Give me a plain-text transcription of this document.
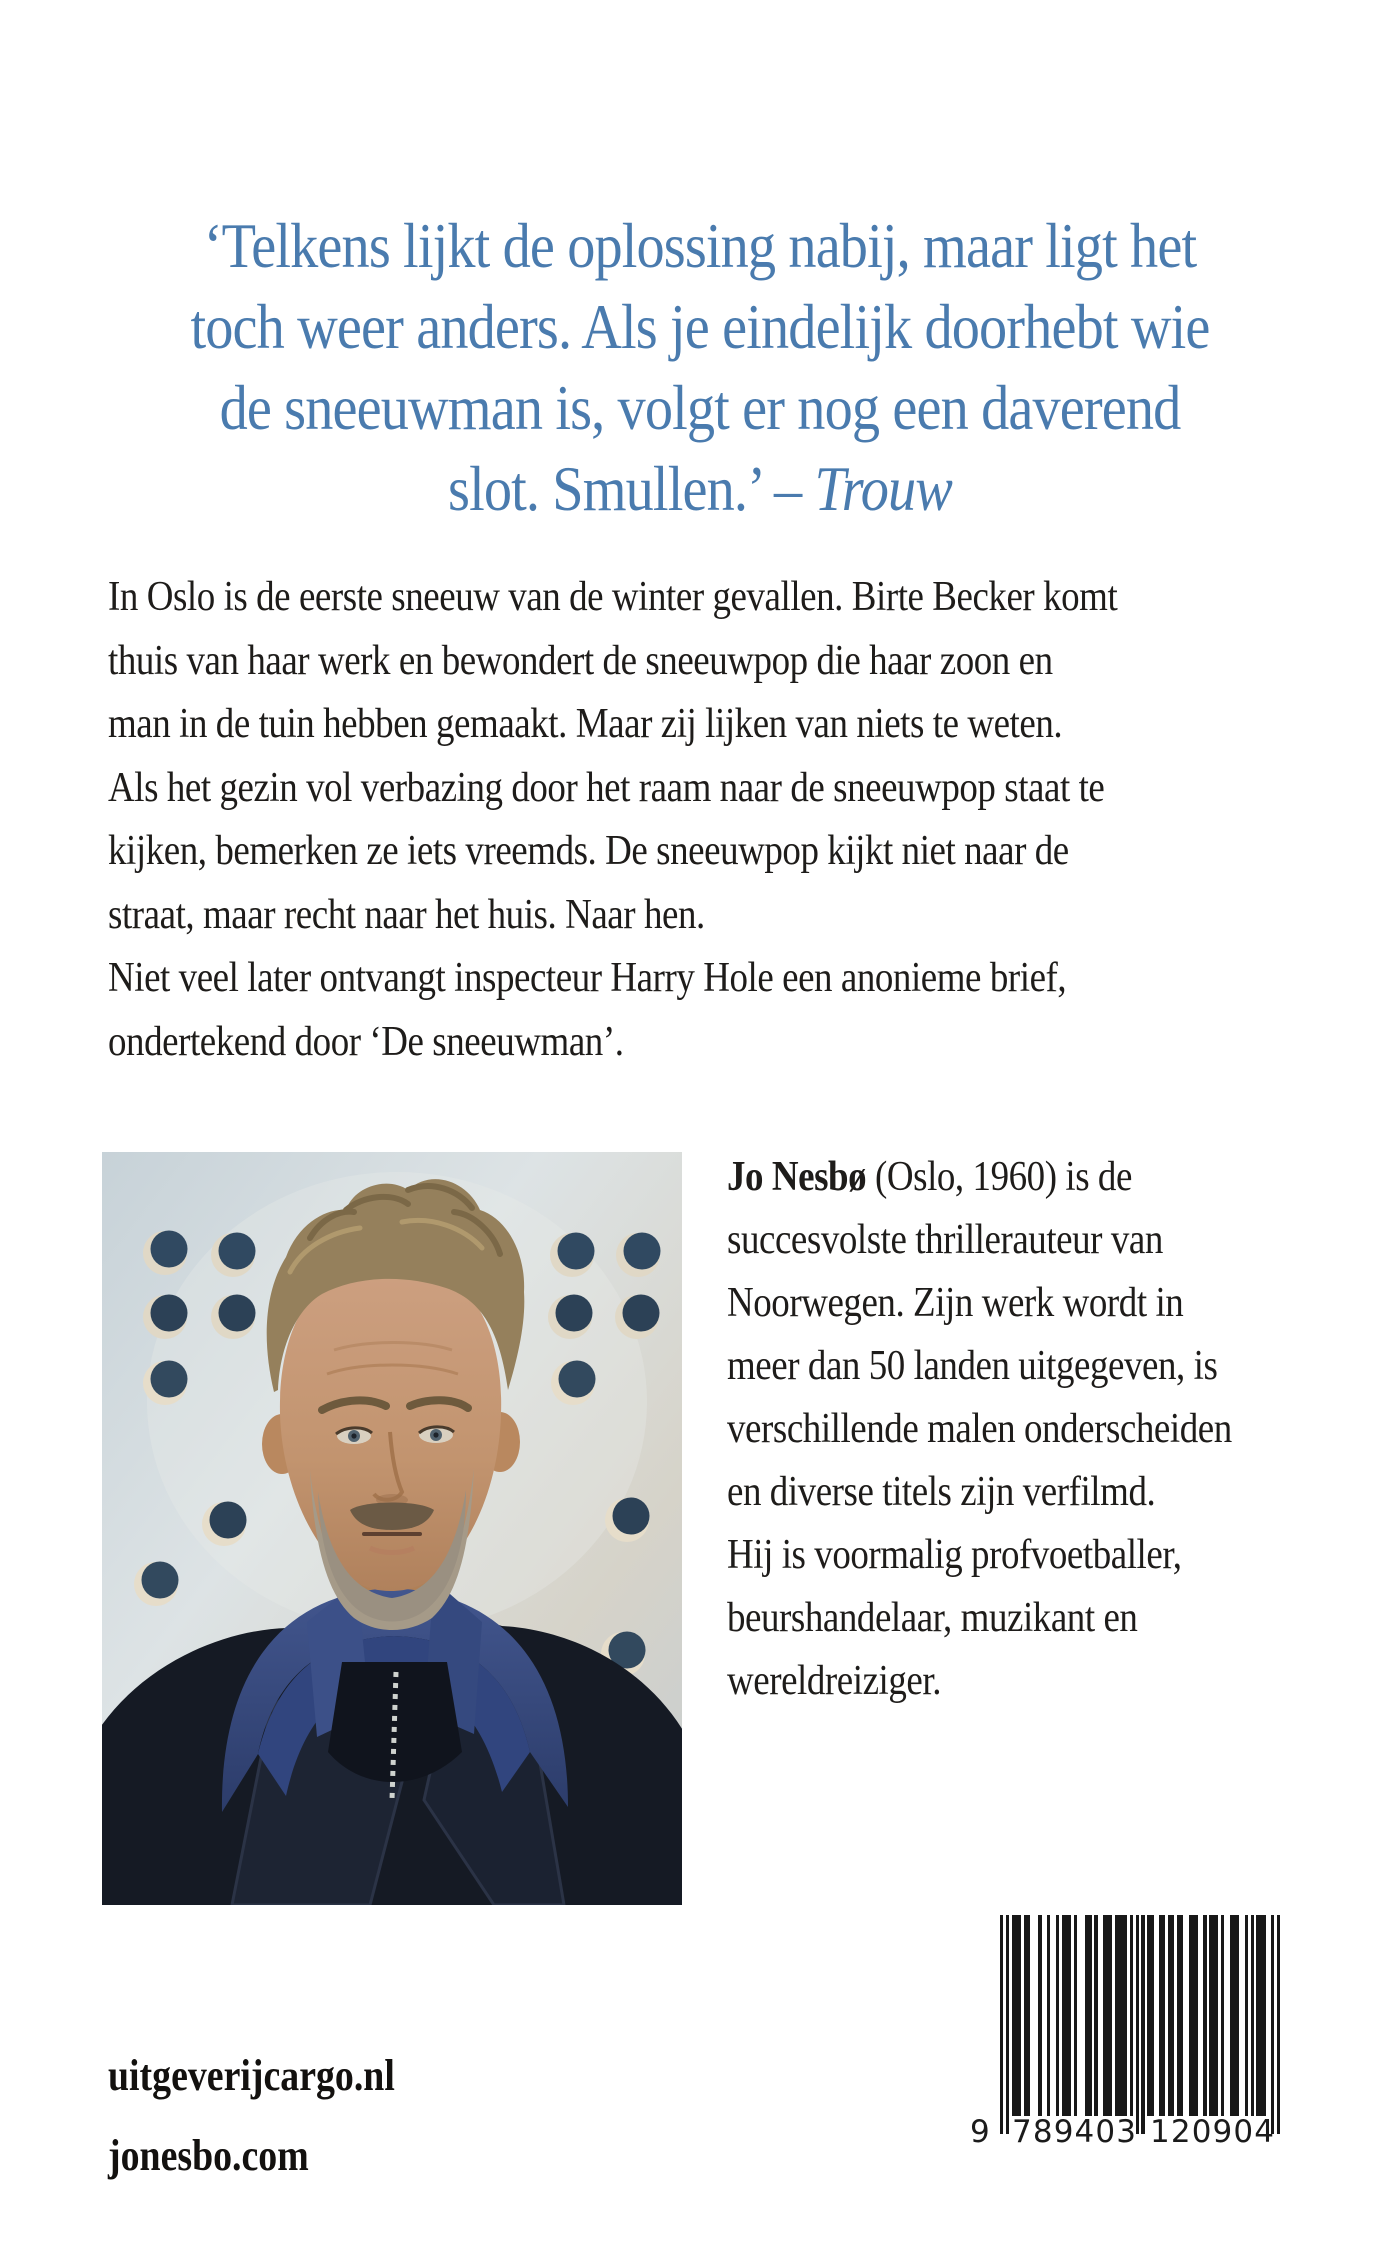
‘Telkens lijkt de oplossing nabij, maar ligt het
toch weer anders. Als je eindelijk doorhebt wie
de sneeuwman is, volgt er nog een daverend
slot. Smullen.’ – Trouw
In Oslo is de eerste sneeuw van de winter gevallen. Birte Becker komt
thuis van haar werk en bewondert de sneeuwpop die haar zoon en
man in de tuin hebben gemaakt. Maar zij lijken van niets te weten.
Als het gezin vol verbazing door het raam naar de sneeuwpop staat te
kijken, bemerken ze iets vreemds. De sneeuwpop kijkt niet naar de
straat, maar recht naar het huis. Naar hen.
Niet veel later ontvangt inspecteur Harry Hole een anonieme brief,
ondertekend door ‘De sneeuwman’.
Jo Nesbø (Oslo, 1960) is de
succesvolste thrillerauteur van
Noorwegen. Zijn werk wordt in
meer dan 50 landen uitgegeven, is
verschillende malen onderscheiden
en diverse titels zijn verfilmd.
Hij is voormalig profvoetballer,
beurshandelaar, muzikant en
wereldreiziger.
uitgeverijcargo.nl
jonesbo.com	9 7 8 9 4 0 3 1 2 0 9 0 4
